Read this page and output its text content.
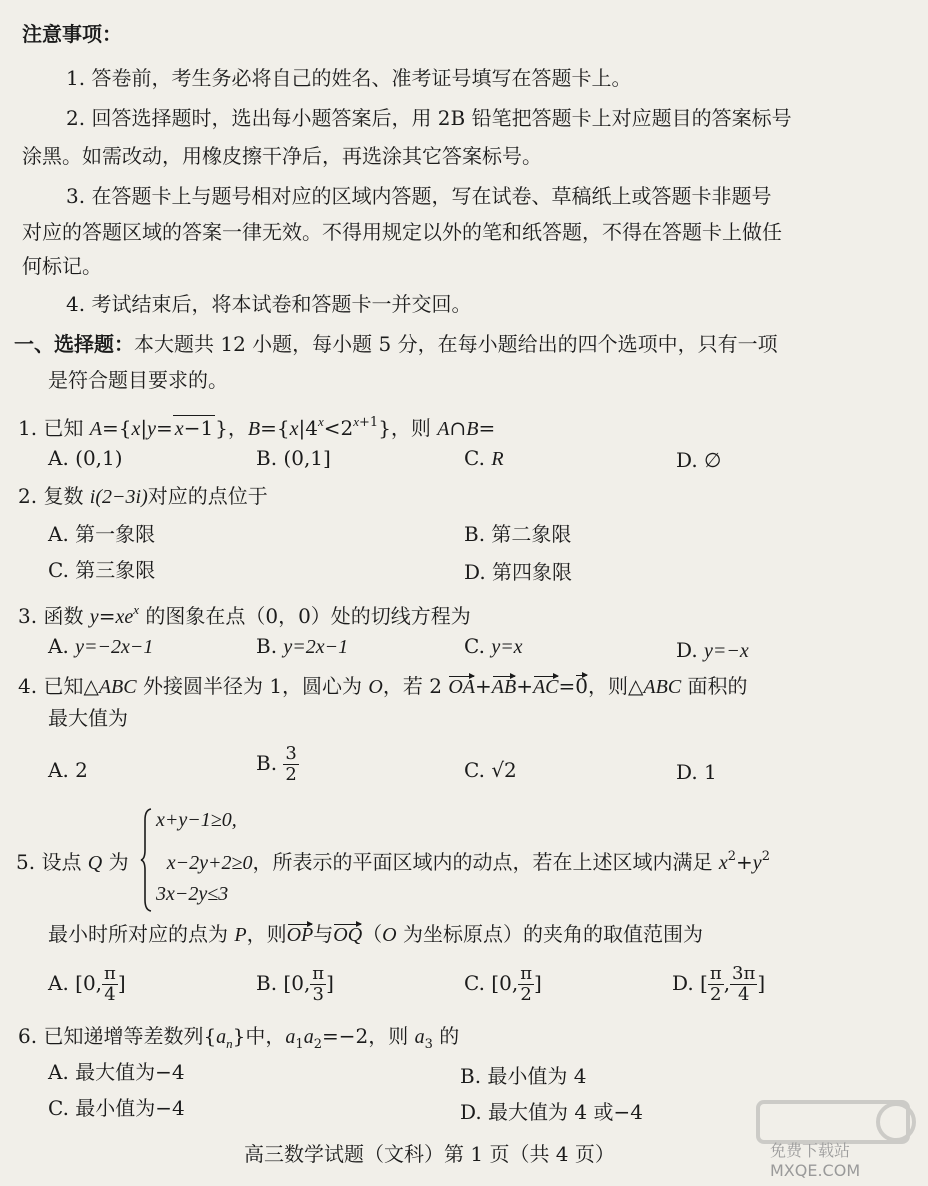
注意事项：
1. 答卷前，考生务必将自己的姓名、准考证号填写在答题卡上。
2. 回答选择题时，选出每小题答案后，用 2B 铅笔把答题卡上对应题目的答案标号
涂黑。如需改动，用橡皮擦干净后，再选涂其它答案标号。
3. 在答题卡上与题号相对应的区域内答题，写在试卷、草稿纸上或答题卡非题号
对应的答题区域的答案一律无效。不得用规定以外的笔和纸答题，不得在答题卡上做任
何标记。
4. 考试结束后，将本试卷和答题卡一并交回。
一、选择题：本大题共 12 小题，每小题 5 分，在每小题给出的四个选项中，只有一项
是符合题目要求的。
1. 已知 A={x|y= x−1 }，$B=\{x|4^x<2^{x+1}\}$，则 A∩B=
A. (0,1)	B. (0,1]	C. R	D. ∅
2. 复数 i(2−3i)对应的点位于
A. 第一象限	B. 第二象限
C. 第三象限	D. 第四象限
3. 函数 $y=xe^x$ 的图象在点（0，0）处的切线方程为
A. y=−2x−1	B. y=2x−1	C. y=x	D. y=−x
4. 已知△ABC 外接圆半径为 1，圆心为 O，若 2 OA+AB+AC=0，则△ABC 面积的
最大值为
A. 2	B. $\frac{3}{2}$	C. √2	D. 1
x+y−1≥0,
5. 设点 Q 为      x−2y+2≥0，所表示的平面区域内的动点，若在上述区域内满足 $x^2+y^2$
3x−2y≤3
最小时所对应的点为 P，则OP与OQ（O 为坐标原点）的夹角的取值范围为
A. [0, $\frac{\pi}{4}$ ]	B. [0, $\frac{\pi}{3}$ ]	C. [0, $\frac{\pi}{2}$ ]	D. [ $\frac{\pi}{2}$ , $\frac{3\pi}{4}$ ]
6. 已知递增等差数列$\{a_n\}$中，$a_1a_2=-2$，则 $a_3$ 的
A. 最大值为−4	B. 最小值为 4
C. 最小值为−4	D. 最大值为 4 或−4
高三数学试题（文科）第 1 页（共 4 页）	免费下载站 MXQE.COM
